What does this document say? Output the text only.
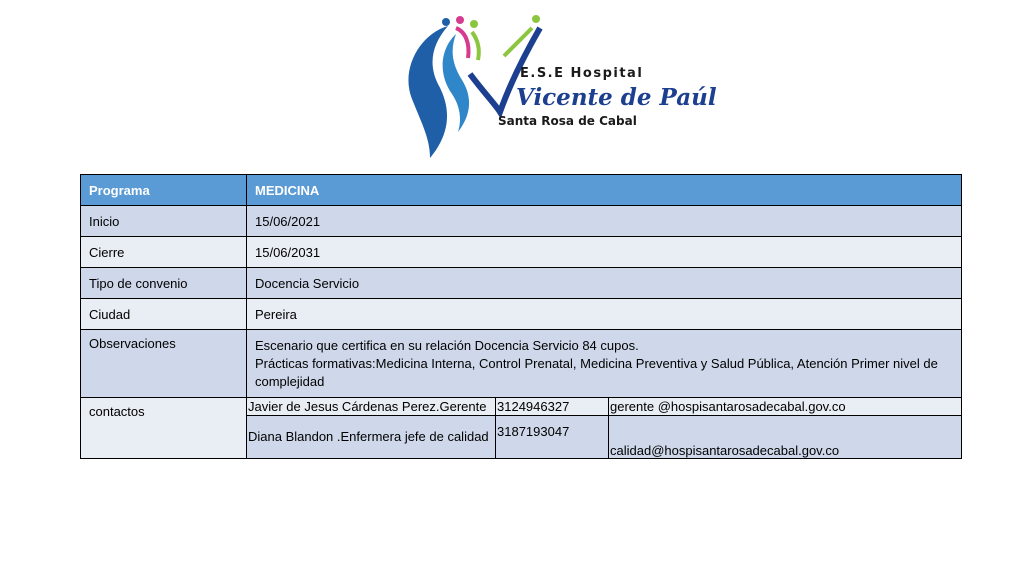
E.S.E Hospital
Vicente de Paúl
Santa Rosa de Cabal
Programa	MEDICINA
Inicio	15/06/2021
Cierre	15/06/2031
Tipo de convenio	Docencia Servicio
Ciudad	Pereira
Observaciones	Escenario que certifica en su relación Docencia Servicio 84 cupos.
Prácticas formativas:Medicina Interna, Control Prenatal, Medicina Preventiva y Salud Pública, Atención Primer nivel de complejidad

contactos		Javier de Jesus Cárdenas Perez.Gerente	3124946327	gerente @hospisantarosadecabal.gov.co
Diana Blandon .Enfermera jefe de calidad	3187193047	calidad@hospisantarosadecabal.gov.co
